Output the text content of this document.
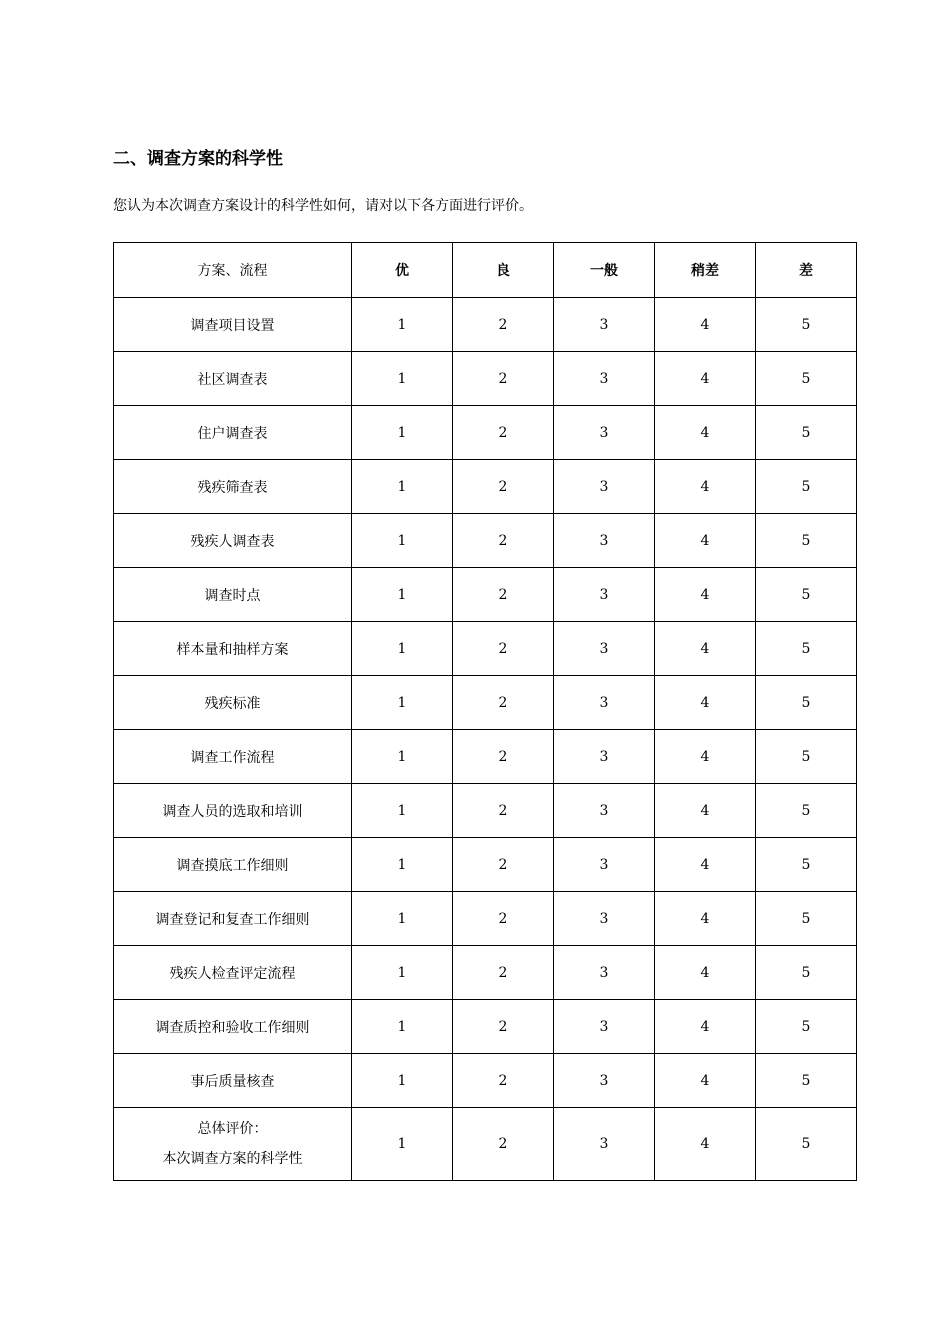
二、调查方案的科学性

您认为本次调查方案设计的科学性如何，请对以下各方面进行评价。

方案、流程	优	良	一般	稍差	差
调查项目设置	1	2	3	4	5
社区调查表	1	2	3	4	5
住户调查表	1	2	3	4	5
残疾筛查表	1	2	3	4	5
残疾人调查表	1	2	3	4	5
调查时点	1	2	3	4	5
样本量和抽样方案	1	2	3	4	5
残疾标准	1	2	3	4	5
调查工作流程	1	2	3	4	5
调查人员的选取和培训	1	2	3	4	5
调查摸底工作细则	1	2	3	4	5
调查登记和复查工作细则	1	2	3	4	5
残疾人检查评定流程	1	2	3	4	5
调查质控和验收工作细则	1	2	3	4	5
事后质量核查	1	2	3	4	5

总体评价：
本次调查方案的科学性	1	2	3	4	5
